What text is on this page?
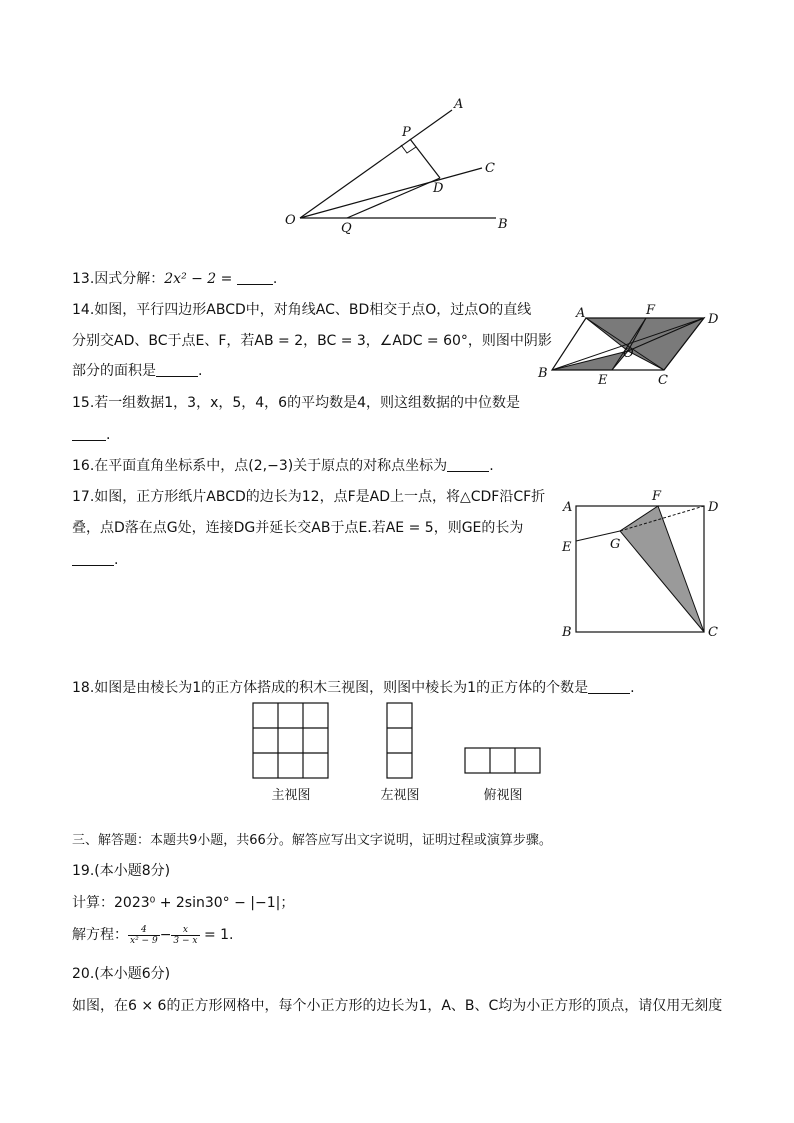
A
P
C
D
O
Q	B
13.因式分解：2x² − 2 =	.
14.如图，平行四边形ABCD中，对角线AC、BD相交于点O，过点O的直线
分别交AD、BC于点E、F，若AB = 2，BC = 3，∠ADC = 60°，则图中阴影
部分的面积是	.
A	F
D
O
B	E	C
15.若一组数据1，3，x，5，4，6的平均数是4，则这组数据的中位数是
.
16.在平面直角坐标系中，点(2,−3)关于原点的对称点坐标为	.
17.如图，正方形纸片ABCD的边长为12，点F是AD上一点，将△CDF沿CF折
叠，点D落在点G处，连接DG并延长交AB于点E.若AE = 5，则GE的长为
.
A
F
D
E	G
B	C
18.如图是由棱长为1的正方体搭成的积木三视图，则图中棱长为1的正方体的个数是	.
主视图	左视图	俯视图
三、解答题：本题共9小题，共66分。解答应写出文字说明，证明过程或演算步骤。
19.(本小题8分)
计算：2023⁰ + 2sin30° − |−1|；
解方程： $\frac{4}{\text{x² − 9}} - \frac{x}{3 - x} = 1$.
20.(本小题6分)
如图，在6 × 6的正方形网格中，每个小正方形的边长为1，A、B、C均为小正方形的顶点，请仅用无刻度
